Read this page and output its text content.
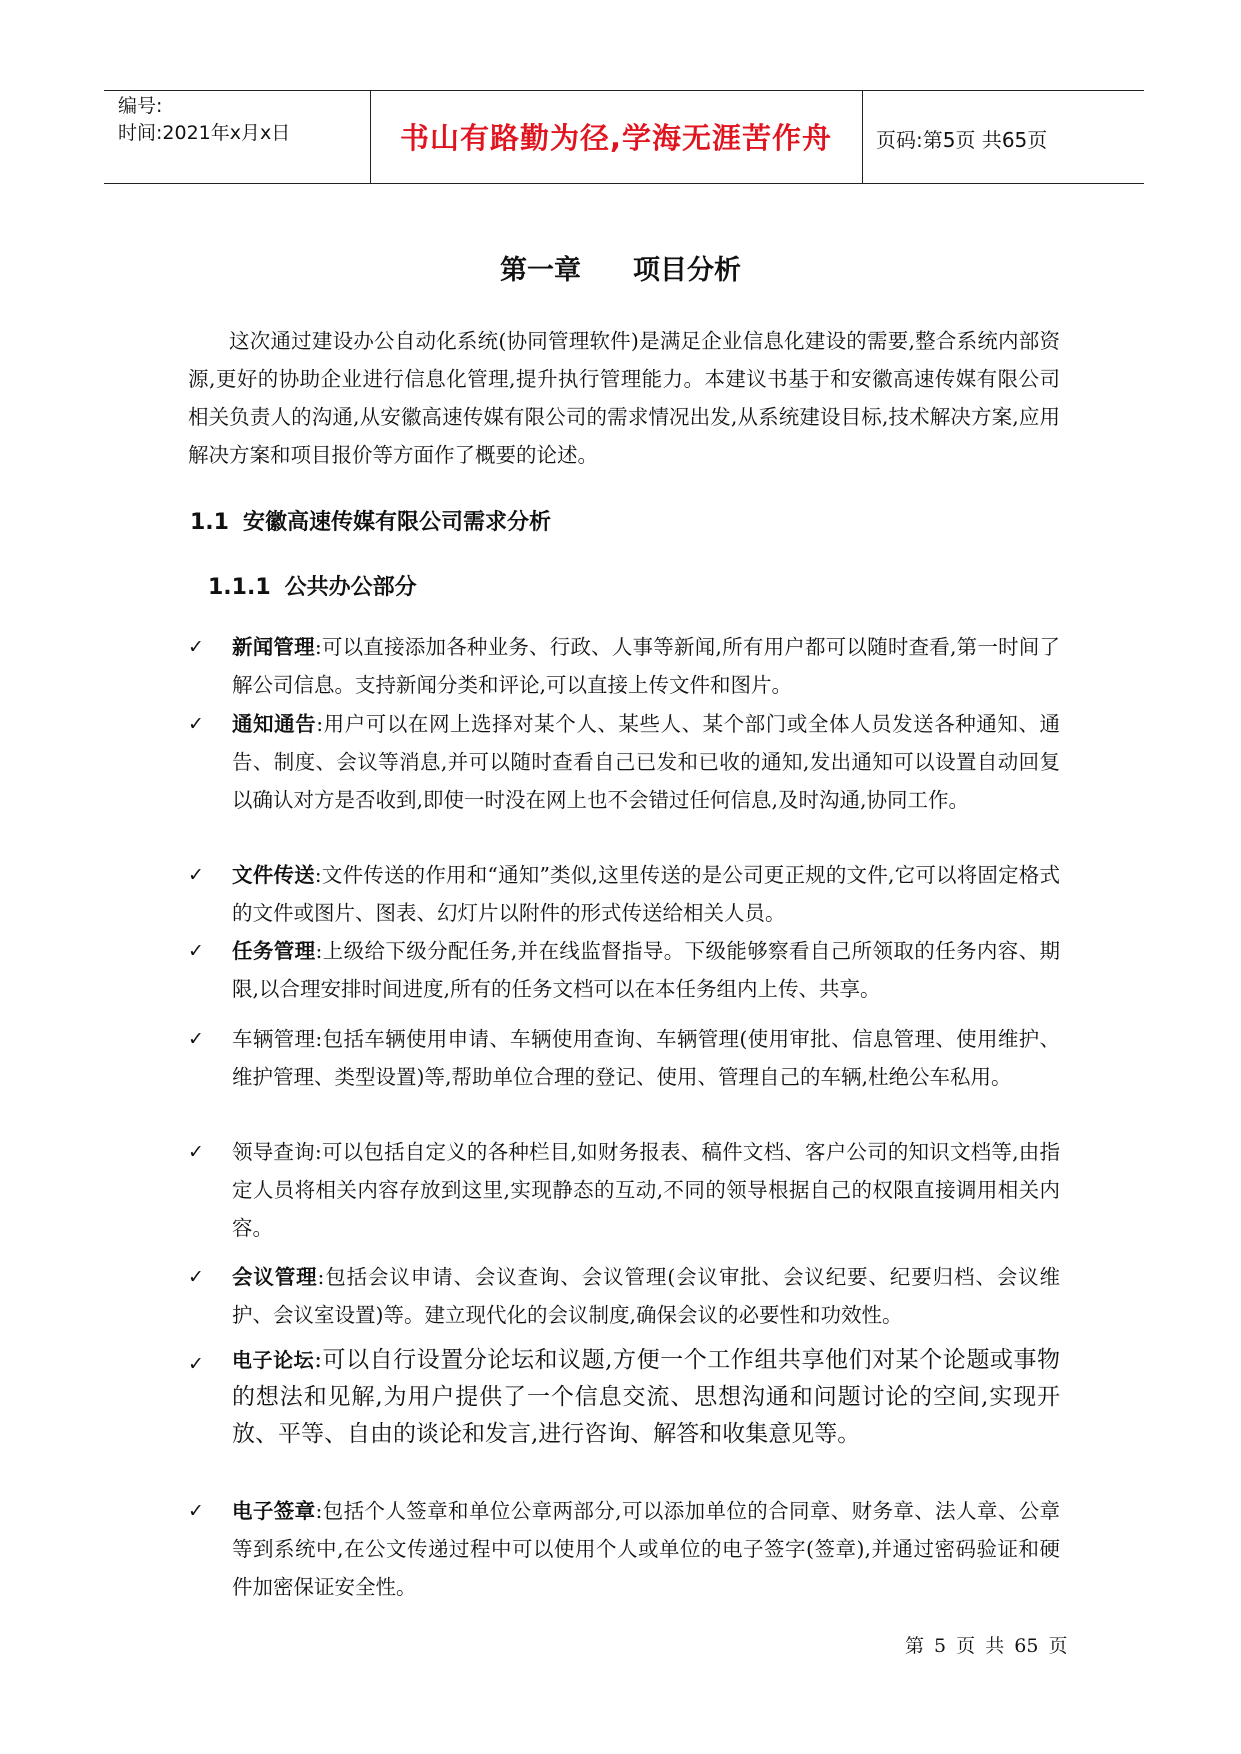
编号:
时间:2021年x月x日	书山有路勤为径,学海无涯苦作舟	页码:第5页 共65页
第一章 项目分析

这次通过建设办公自动化系统(协同管理软件)是满足企业信息化建设的需要,整合系统内部资源,更好的协助企业进行信息化管理,提升执行管理能力。本建议书基于和安徽高速传媒有限公司相关负责人的沟通,从安徽高速传媒有限公司的需求情况出发,从系统建设目标,技术解决方案,应用解决方案和项目报价等方面作了概要的论述。

1.1 安徽高速传媒有限公司需求分析
1.1.1 公共办公部分

✓ 新闻管理:可以直接添加各种业务、行政、人事等新闻,所有用户都可以随时查看,第一时间了解公司信息。支持新闻分类和评论,可以直接上传文件和图片。

✓ 通知通告:用户可以在网上选择对某个人、某些人、某个部门或全体人员发送各种通知、通告、制度、会议等消息,并可以随时查看自己已发和已收的通知,发出通知可以设置自动回复以确认对方是否收到,即使一时没在网上也不会错过任何信息,及时沟通,协同工作。

✓ 文件传送:文件传送的作用和“通知”类似,这里传送的是公司更正规的文件,它可以将固定格式的文件或图片、图表、幻灯片以附件的形式传送给相关人员。

✓ 任务管理:上级给下级分配任务,并在线监督指导。下级能够察看自己所领取的任务内容、期限,以合理安排时间进度,所有的任务文档可以在本任务组内上传、共享。

✓ 车辆管理:包括车辆使用申请、车辆使用查询、车辆管理(使用审批、信息管理、使用维护、维护管理、类型设置)等,帮助单位合理的登记、使用、管理自己的车辆,杜绝公车私用。

✓ 领导查询:可以包括自定义的各种栏目,如财务报表、稿件文档、客户公司的知识文档等,由指定人员将相关内容存放到这里,实现静态的互动,不同的领导根据自己的权限直接调用相关内容。

✓ 会议管理:包括会议申请、会议查询、会议管理(会议审批、会议纪要、纪要归档、会议维护、会议室设置)等。建立现代化的会议制度,确保会议的必要性和功效性。

✓ 电子论坛:可以自行设置分论坛和议题,方便一个工作组共享他们对某个论题或事物的想法和见解,为用户提供了一个信息交流、思想沟通和问题讨论的空间,实现开放、平等、自由的谈论和发言,进行咨询、解答和收集意见等。

✓ 电子签章:包括个人签章和单位公章两部分,可以添加单位的合同章、财务章、法人章、公章等到系统中,在公文传递过程中可以使用个人或单位的电子签字(签章),并通过密码验证和硬件加密保证安全性。

第 5 页 共 65 页
